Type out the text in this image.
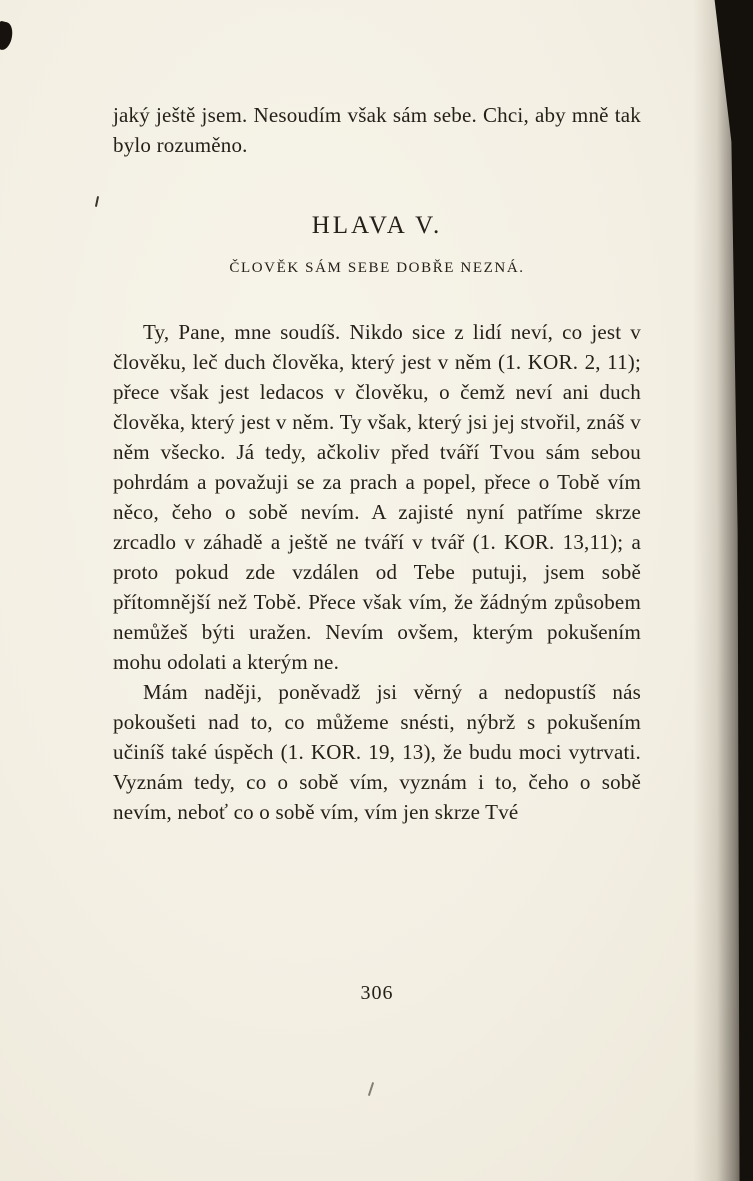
jaký ještě jsem. Nesoudím však sám sebe. Chci, aby mně tak bylo rozuměno.

HLAVA V.
ČLOVĚK SÁM SEBE DOBŘE NEZNÁ.

Ty, Pane, mne soudíš. Nikdo sice z lidí neví, co jest v člověku, leč duch člověka, který jest v něm (1. KOR. 2, 11); přece však jest ledacos v člověku, o čemž neví ani duch člověka, který jest v něm. Ty však, který jsi jej stvořil, znáš v něm všecko. Já tedy, ačkoliv před tváří Tvou sám sebou pohrdám a považuji se za prach a popel, přece o Tobě vím něco, čeho o sobě nevím. A zajisté nyní patříme skrze zrcadlo v záhadě a ještě ne tváří v tvář (1. KOR. 13,11); a proto pokud zde vzdálen od Tebe putuji, jsem sobě přítomnější než Tobě. Přece však vím, že žádným způsobem nemůžeš býti uražen. Nevím ovšem, kterým pokušením mohu odolati a kterým ne.

Mám naději, poněvadž jsi věrný a nedopustíš nás pokoušeti nad to, co můžeme snésti, nýbrž s pokušením učiníš také úspěch (1. KOR. 19, 13), že budu moci vytrvati. Vyznám tedy, co o sobě vím, vyznám i to, čeho o sobě nevím, neboť co o sobě vím, vím jen skrze Tvé

306
